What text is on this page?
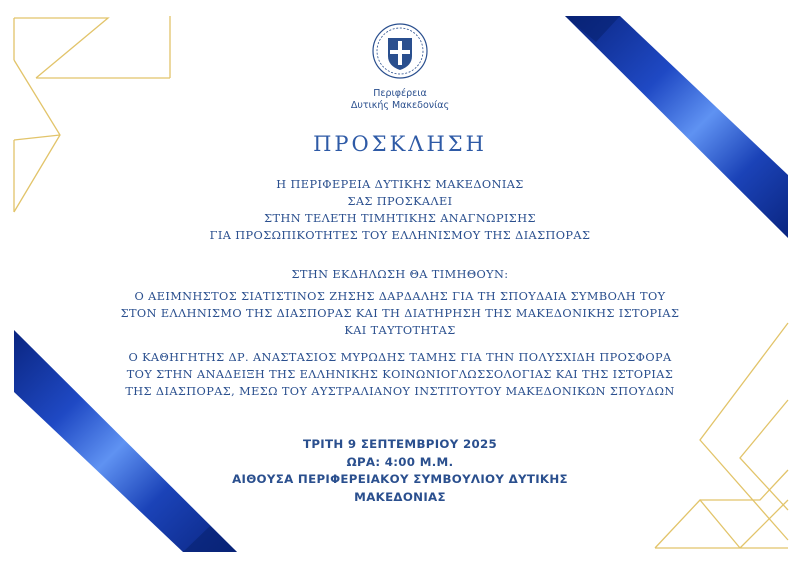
Περιφέρεια
Δυτικής Μακεδονίας
ΠΡΟΣΚΛΗΣΗ
Η ΠΕΡΙΦΕΡΕΙΑ ΔΥΤΙΚΗΣ ΜΑΚΕΔΟΝΙΑΣ
ΣΑΣ ΠΡΟΣΚΑΛΕΙ
ΣΤΗΝ ΤΕΛΕΤΗ ΤΙΜΗΤΙΚΗΣ ΑΝΑΓΝΩΡΙΣΗΣ
ΓΙΑ ΠΡΟΣΩΠΙΚΟΤΗΤΕΣ ΤΟΥ ΕΛΛΗΝΙΣΜΟΥ ΤΗΣ ΔΙΑΣΠΟΡΑΣ
ΣΤΗΝ ΕΚΔΗΛΩΣΗ ΘΑ ΤΙΜΗΘΟΥΝ:
Ο ΑΕΙΜΝΗΣΤΟΣ ΣΙΑΤΙΣΤΙΝΟΣ ΖΗΣΗΣ ΔΑΡΔΑΛΗΣ ΓΙΑ ΤΗ ΣΠΟΥΔΑΙΑ ΣΥΜΒΟΛΗ ΤΟΥ
ΣΤΟΝ ΕΛΛΗΝΙΣΜΟ ΤΗΣ ΔΙΑΣΠΟΡΑΣ ΚΑΙ ΤΗ ΔΙΑΤΗΡΗΣΗ ΤΗΣ ΜΑΚΕΔΟΝΙΚΗΣ ΙΣΤΟΡΙΑΣ
ΚΑΙ ΤΑΥΤΟΤΗΤΑΣ
Ο ΚΑΘΗΓΗΤΗΣ ΔΡ. ΑΝΑΣΤΑΣΙΟΣ ΜΥΡΩΔΗΣ ΤΑΜΗΣ ΓΙΑ ΤΗΝ ΠΟΛΥΣΧΙΔΗ ΠΡΟΣΦΟΡΑ
ΤΟΥ ΣΤΗΝ ΑΝΑΔΕΙΞΗ ΤΗΣ ΕΛΛΗΝΙΚΗΣ ΚΟΙΝΩΝΙΟΓΛΩΣΣΟΛΟΓΙΑΣ ΚΑΙ ΤΗΣ ΙΣΤΟΡΙΑΣ
ΤΗΣ ΔΙΑΣΠΟΡΑΣ, ΜΕΣΩ ΤΟΥ ΑΥΣΤΡΑΛΙΑΝΟΥ ΙΝΣΤΙΤΟΥΤΟΥ ΜΑΚΕΔΟΝΙΚΩΝ ΣΠΟΥΔΩΝ
ΤΡΙΤΗ 9 ΣΕΠΤΕΜΒΡΙΟΥ 2025
ΩΡΑ: 4:00 Μ.Μ.
ΑΙΘΟΥΣΑ ΠΕΡΙΦΕΡΕΙΑΚΟΥ ΣΥΜΒΟΥΛΙΟΥ ΔΥΤΙΚΗΣ
ΜΑΚΕΔΟΝΙΑΣ
